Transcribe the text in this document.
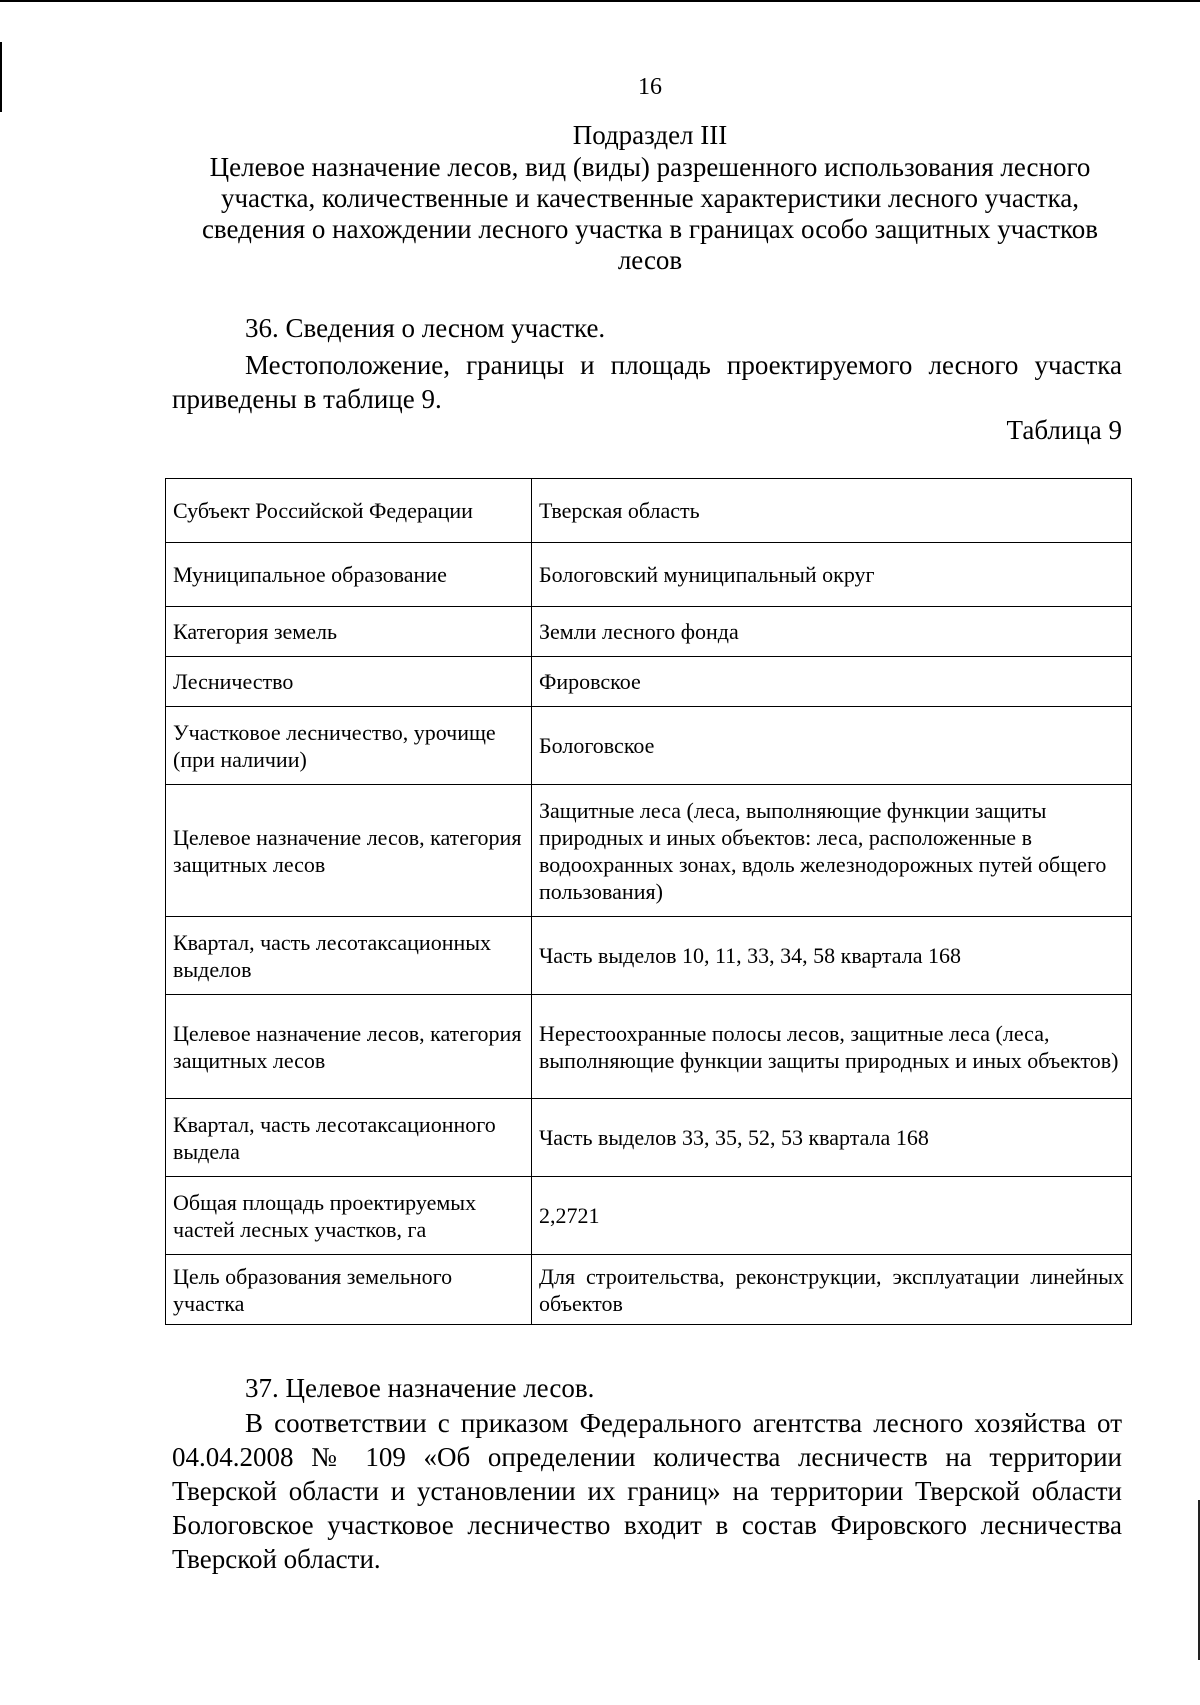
16
Подраздел III
Целевое назначение лесов, вид (виды) разрешенного использования лесного участка, количественные и качественные характеристики лесного участка, сведения о нахождении лесного участка в границах особо защитных участков лесов
36. Сведения о лесном участке.
Местоположение, границы и площадь проектируемого лесного участка приведены в таблице 9.
Таблица 9
Субъект Российской Федерации	Тверская область
Муниципальное образование	Бологовский муниципальный округ
Категория земель	Земли лесного фонда
Лесничество	Фировское
Участковое лесничество, урочище (при наличии)	Бологовское
Целевое назначение лесов, категория защитных лесов	Защитные леса (леса, выполняющие функции защиты природных и иных объектов: леса, расположенные в водоохранных зонах, вдоль железнодорожных путей общего пользования)
Квартал, часть лесотаксационных выделов	Часть выделов 10, 11, 33, 34, 58 квартала 168
Целевое назначение лесов, категория защитных лесов	Нерестоохранные полосы лесов, защитные леса (леса, выполняющие функции защиты природных и иных объектов)
Квартал, часть лесотаксационного выдела	Часть выделов 33, 35, 52, 53 квартала 168
Общая площадь проектируемых частей лесных участков, га	2,2721
Цель образования земельного участка	Для строительства, реконструкции, эксплуатации линейных объектов
37. Целевое назначение лесов.
В соответствии с приказом Федерального агентства лесного хозяйства от 04.04.2008 № 109 «Об определении количества лесничеств на территории Тверской области и установлении их границ» на территории Тверской области Бологовское участковое лесничество входит в состав Фировского лесничества Тверской области.
